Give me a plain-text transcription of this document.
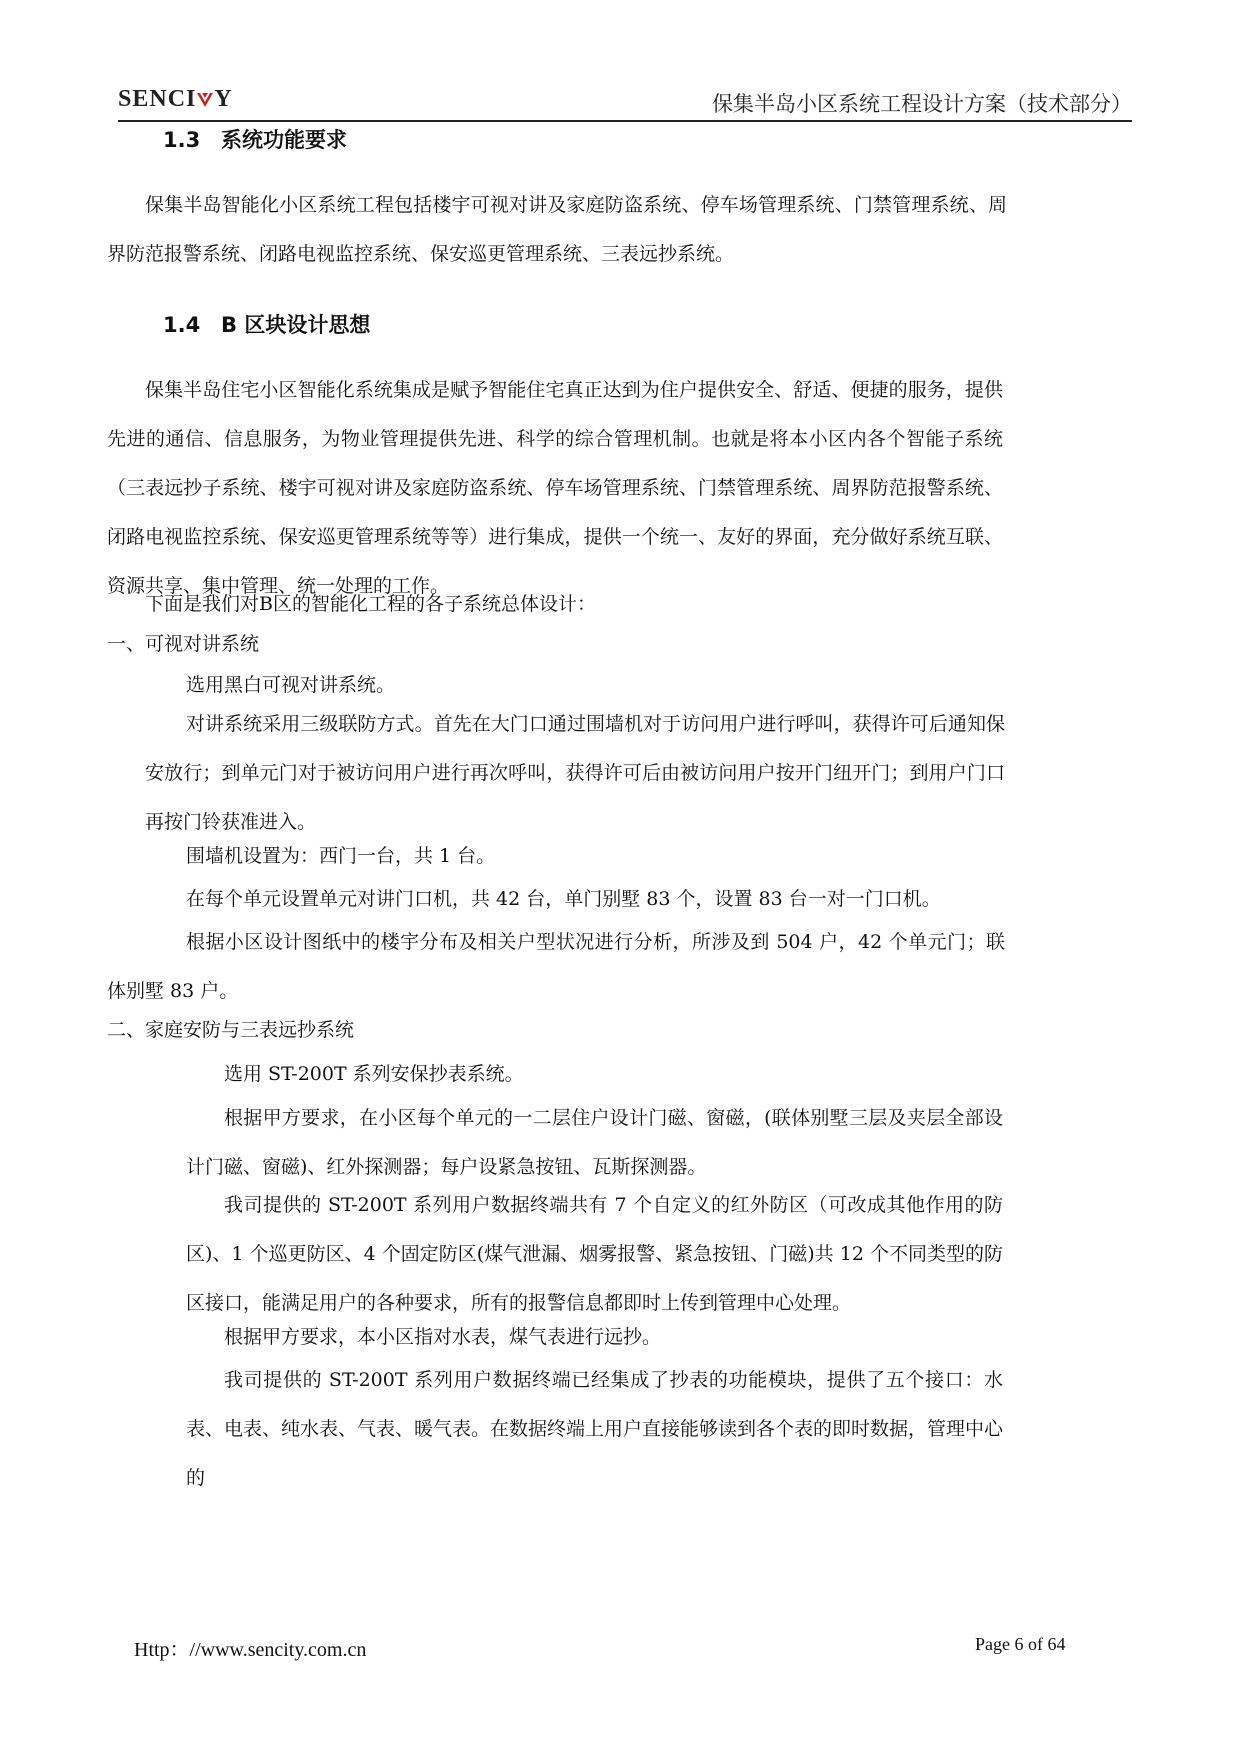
SENCI Y	保集半岛小区系统工程设计方案（技术部分）
1.3 系统功能要求
保集半岛智能化小区系统工程包括楼宇可视对讲及家庭防盗系统、停车场管理系统、门禁管理系统、周界防范报警系统、闭路电视监控系统、保安巡更管理系统、三表远抄系统。
1.4 B 区块设计思想
保集半岛住宅小区智能化系统集成是赋予智能住宅真正达到为住户提供安全、舒适、便捷的服务，提供先进的通信、信息服务，为物业管理提供先进、科学的综合管理机制。也就是将本小区内各个智能子系统（三表远抄子系统、楼宇可视对讲及家庭防盗系统、停车场管理系统、门禁管理系统、周界防范报警系统、闭路电视监控系统、保安巡更管理系统等等）进行集成，提供一个统一、友好的界面，充分做好系统互联、资源共享、集中管理、统一处理的工作。
下面是我们对B区的智能化工程的各子系统总体设计：
一、可视对讲系统
选用黑白可视对讲系统。
对讲系统采用三级联防方式。首先在大门口通过围墙机对于访问用户进行呼叫，获得许可后通知保安放行；到单元门对于被访问用户进行再次呼叫，获得许可后由被访问用户按开门纽开门；到用户门口再按门铃获准进入。
围墙机设置为：西门一台，共 1 台。
在每个单元设置单元对讲门口机，共 42 台，单门别墅 83 个，设置 83 台一对一门口机。
根据小区设计图纸中的楼宇分布及相关户型状况进行分析，所涉及到 504 户，42 个单元门；联体别墅 83 户。
二、家庭安防与三表远抄系统
选用 ST-200T 系列安保抄表系统。
根据甲方要求，在小区每个单元的一二层住户设计门磁、窗磁，(联体别墅三层及夹层全部设计门磁、窗磁)、红外探测器；每户设紧急按钮、瓦斯探测器。
我司提供的 ST-200T 系列用户数据终端共有 7 个自定义的红外防区（可改成其他作用的防区)、1 个巡更防区、4 个固定防区(煤气泄漏、烟雾报警、紧急按钮、门磁)共 12 个不同类型的防区接口，能满足用户的各种要求，所有的报警信息都即时上传到管理中心处理。
根据甲方要求，本小区指对水表，煤气表进行远抄。
我司提供的 ST-200T 系列用户数据终端已经集成了抄表的功能模块，提供了五个接口：水表、电表、纯水表、气表、暖气表。在数据终端上用户直接能够读到各个表的即时数据，管理中心的
Http：//www.sencity.com.cn	Page 6 of 64
